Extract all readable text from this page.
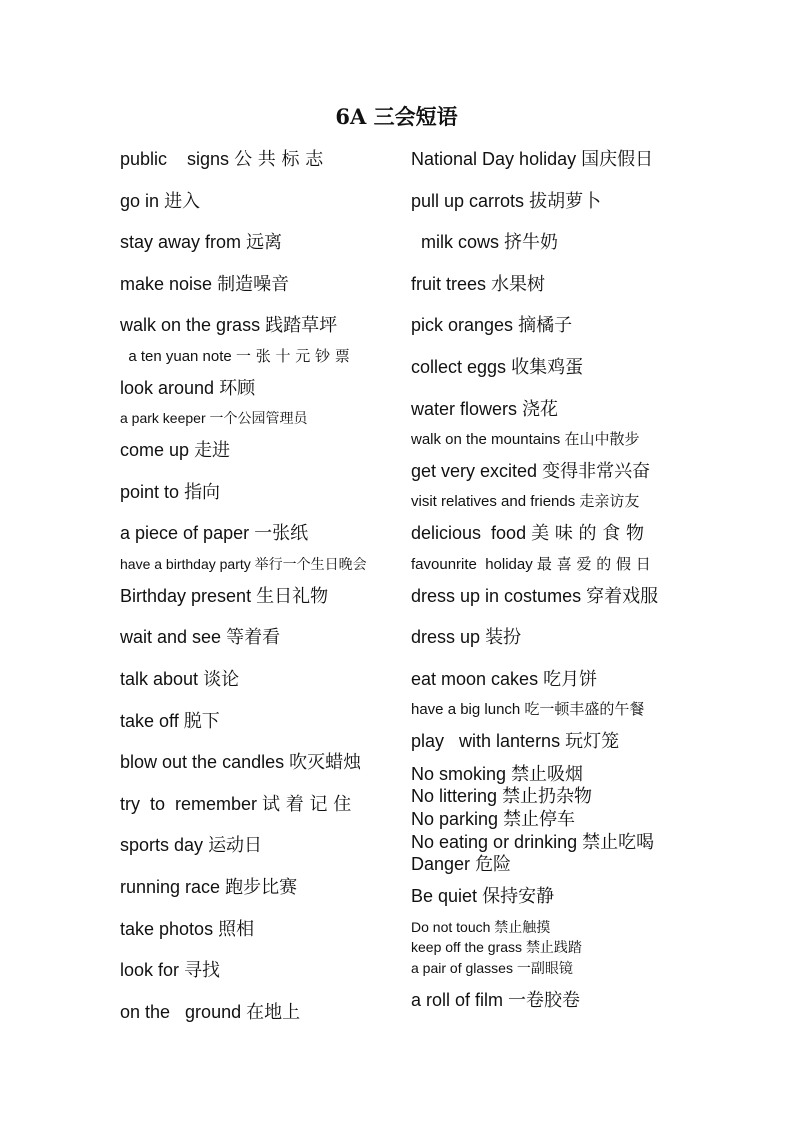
6A 三会短语
public    signs 公 共 标 志
go in 进入
stay away from 远离
make noise 制造噪音
walk on the grass 践踏草坪
a ten yuan note 一 张 十 元 钞 票
look around 环顾
a park keeper 一个公园管理员
come up 走进
point to 指向
a piece of paper 一张纸
have a birthday party 举行一个生日晚会
Birthday present 生日礼物
wait and see 等着看
talk about 谈论
take off 脱下
blow out the candles 吹灭蜡烛
try  to  remember 试 着 记 住
sports day 运动日
running race 跑步比赛
take photos 照相
look for 寻找
on the   ground 在地上
National Day holiday 国庆假日
pull up carrots 拔胡萝卜
milk cows 挤牛奶
fruit trees 水果树
pick oranges 摘橘子
collect eggs 收集鸡蛋
water flowers 浇花
walk on the mountains 在山中散步
get very excited 变得非常兴奋
visit relatives and friends 走亲访友
delicious  food 美 味 的 食 物
favounrite  holiday 最 喜 爱 的 假 日
dress up in costumes 穿着戏服
dress up 装扮
eat moon cakes 吃月饼
have a big lunch 吃一顿丰盛的午餐
play   with lanterns 玩灯笼
No smoking 禁止吸烟
No littering 禁止扔杂物
No parking 禁止停车
No eating or drinking 禁止吃喝
Danger 危险
Be quiet 保持安静
Do not touch 禁止触摸
keep off the grass 禁止践踏
a pair of glasses 一副眼镜
a roll of film 一卷胶卷
